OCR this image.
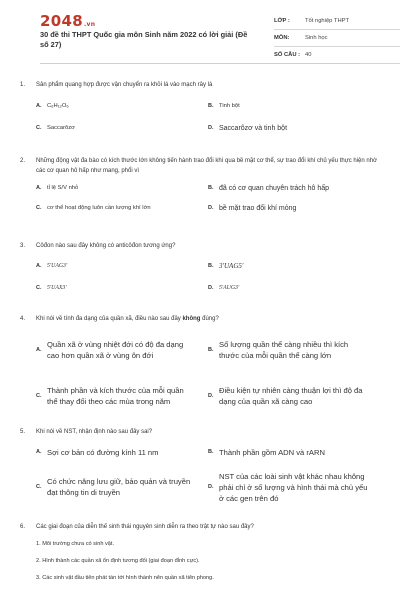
2048.vn
30 đề thi THPT Quốc gia môn Sinh năm 2022 có lời giải (Đề số 27)
LỚP :	Tốt nghiệp THPT
MÔN:	Sinh học
SỐ CÂU : 40
1. Sản phẩm quang hợp được vận chuyển ra khỏi lá vào mạch rây là
A. C₆H₁₂O₆	B. Tinh bột
C. Saccarôzơ	D. Saccarôzơ và tinh bột
2. Những động vật đa bào có kích thước lớn không tiến hành trao đổi khí qua bề mặt cơ thể, sự trao đổi khí chủ yếu thực hiện nhờ các cơ quan hô hấp như mang, phổi vì
A. tỉ lệ S/V nhỏ	B. đã có cơ quan chuyên trách hô hấp
C. cơ thể hoạt động luôn cần lượng khí lớn	D. bề mặt trao đổi khí mỏng
3. Côđon nào sau đây không có anticôđon tương ứng?
A. 5'UAG3'	B. 3'UAG5'
C. 5'UAX3'	D. 5'AUG3'
4. Khi nói về tính đa dạng của quần xã, điều nào sau đây không đúng?
A.
Quần xã ở vùng nhiệt đới có độ đa dạng cao hơn quần xã ở vùng ôn đới
B.
Số lượng quần thể càng nhiều thì kích thước của mỗi quần thể càng lớn
C.
Thành phần và kích thước của mỗi quần thể thay đổi theo các mùa trong năm
D.
Điều kiện tự nhiên càng thuận lợi thì độ đa dạng của quần xã càng cao
5. Khi nói về NST, nhận định nào sau đây sai?
A. Sợi cơ bản có đường kính 11 nm	B. Thành phần gồm ADN và rARN
C.
Có chức năng lưu giữ, bảo quản và truyền đạt thông tin di truyền
D.
NST của các loài sinh vật khác nhau không phải chỉ ở số lượng và hình thái mà chủ yếu ở các gen trên đó
6. Các giai đoạn của diễn thế sinh thái nguyên sinh diễn ra theo trật tự nào sau đây?
1. Môi trường chưa có sinh vật.
2. Hình thành các quần xã ổn định tương đối (giai đoạn đỉnh cực).
3. Các sinh vật đầu tiên phát tán tới hình thành nên quần xã tiên phong.
